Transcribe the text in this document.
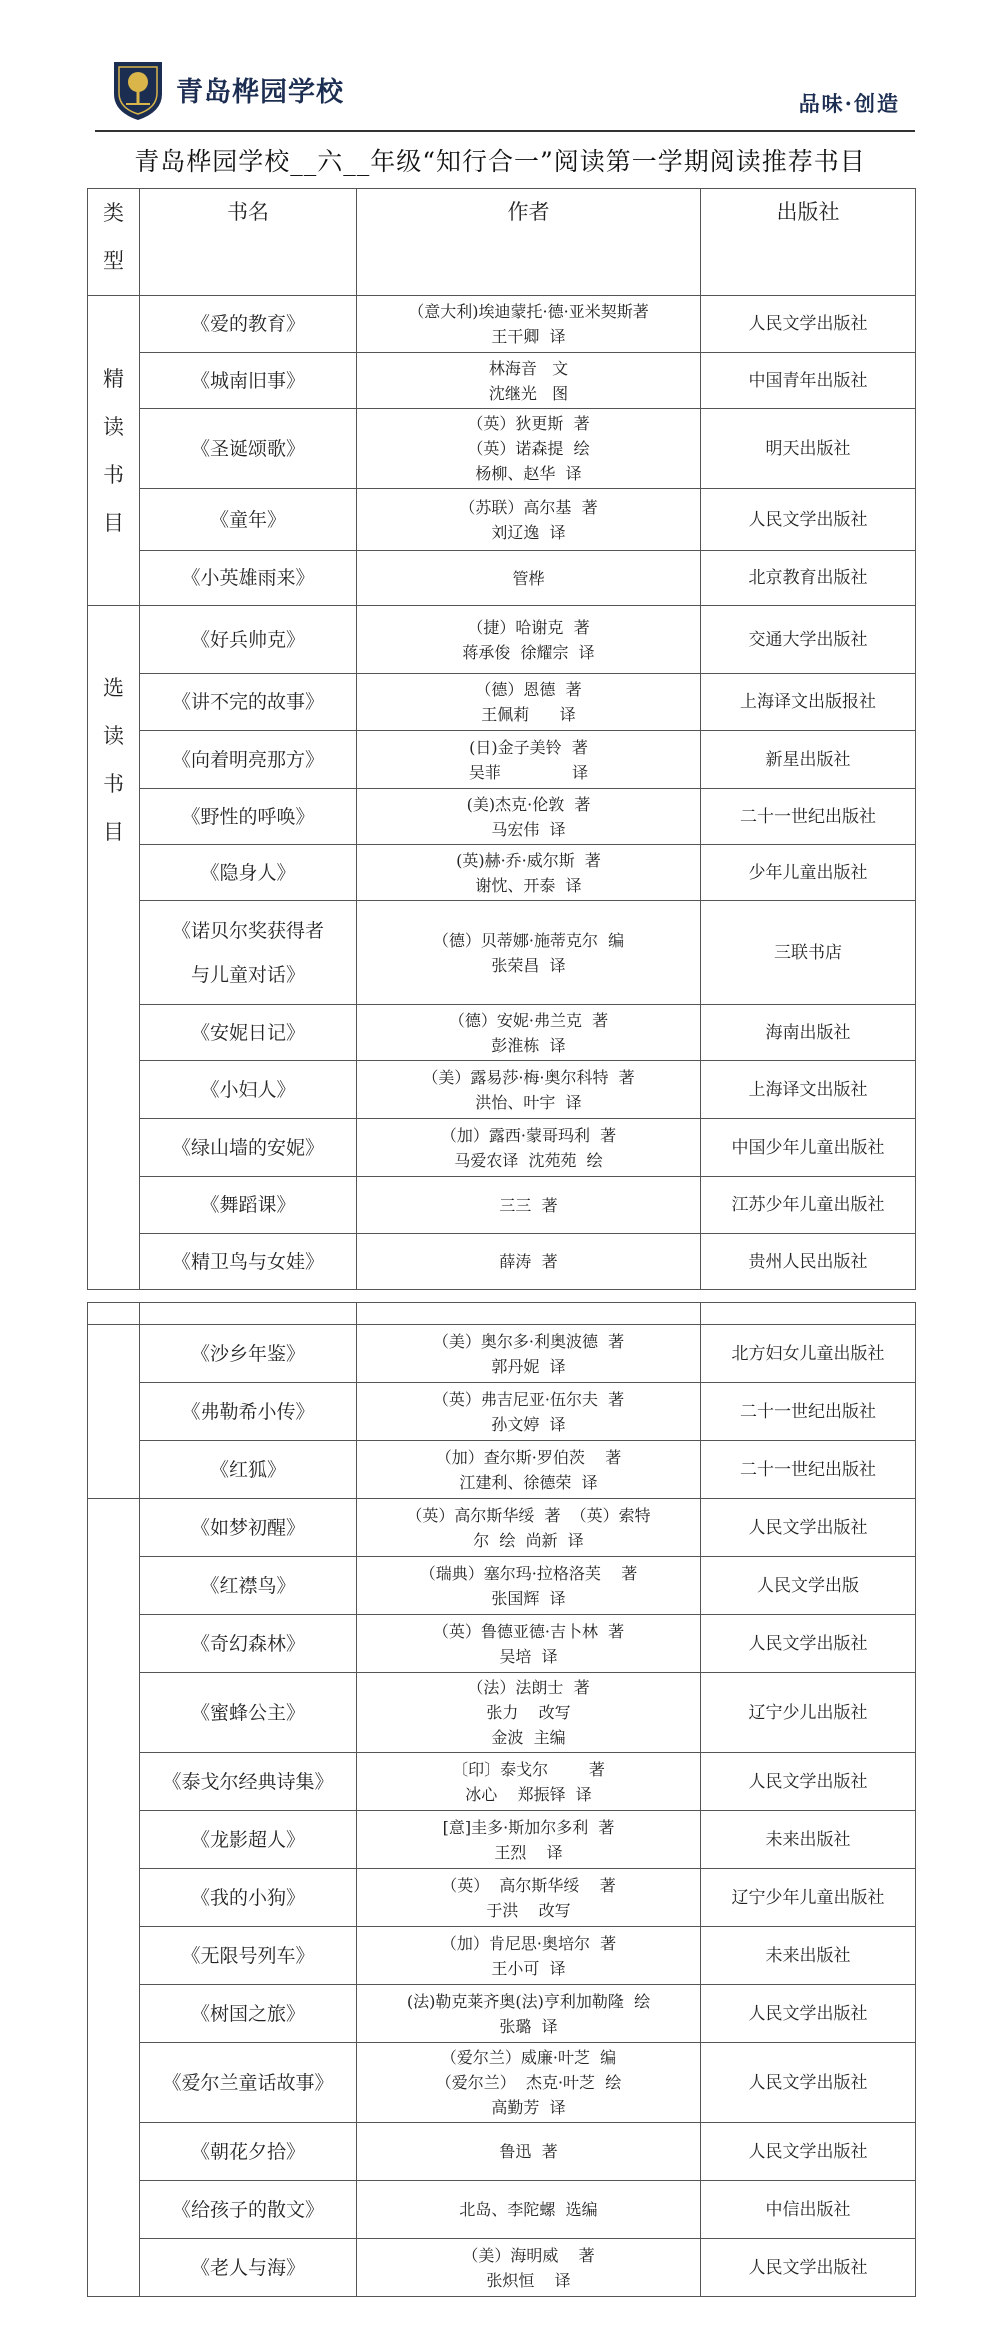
青岛桦园学校	品味·创造
青岛桦园学校__六__年级“知行合一”阅读第一学期阅读推荐书目
类
型	书名	作者	出版社

精
读
书
目	《爱的教育》	（意大利)埃迪蒙托·德·亚米契斯著
王干卿  译	人民文学出版社
	《城南旧事》	林海音   文
沈继光   图	中国青年出版社
	《圣诞颂歌》	（英）狄更斯  著
（英）诺森提  绘
杨柳、赵华  译	明天出版社
	《童年》	（苏联）高尔基  著
刘辽逸  译	人民文学出版社
	《小英雄雨来》	管桦	北京教育出版社

选
读
书
目	《好兵帅克》	（捷）哈谢克  著
蒋承俊  徐耀宗  译	交通大学出版社
	《讲不完的故事》	（德）恩德  著
王佩莉      译	上海译文出版报社
	《向着明亮那方》	(日)金子美铃  著
吴菲              译	新星出版社
	《野性的呼唤》	(美)杰克·伦敦  著
马宏伟  译	二十一世纪出版社
	《隐身人》	(英)赫·乔·威尔斯  著
谢忱、开泰  译	少年儿童出版社

	《诺贝尔奖获得者
与儿童对话》	（德）贝蒂娜·施蒂克尔  编
张荣昌  译	三联书店
	《安妮日记》	（德）安妮·弗兰克  著
彭淮栋  译	海南出版社
	《小妇人》	（美）露易莎·梅·奥尔科特  著
洪怡、叶宇  译	上海译文出版社
	《绿山墙的安妮》	（加）露西·蒙哥玛利  著
马爱农译  沈苑苑  绘	中国少年儿童出版社
	《舞蹈课》	三三  著	江苏少年儿童出版社
	《精卫鸟与女娃》	薛涛  著	贵州人民出版社

	《沙乡年鉴》	（美）奥尔多·利奥波德  著
郭丹妮  译	北方妇女儿童出版社
	《弗勒希小传》	（英）弗吉尼亚·伍尔夫  著
孙文婷  译	二十一世纪出版社
	《红狐》	（加）查尔斯·罗伯茨    著
江建利、徐德荣  译	二十一世纪出版社
	《如梦初醒》	（英）高尔斯华绥  著  （英）索特
尔  绘  尚新  译	人民文学出版社
	《红襟鸟》	（瑞典）塞尔玛·拉格洛芙    著
张国辉  译	人民文学出版
	《奇幻森林》	（英）鲁德亚德·吉卜林  著
吴培  译	人民文学出版社
	《蜜蜂公主》	（法）法朗士  著
张力    改写
金波  主编	辽宁少儿出版社
	《泰戈尔经典诗集》	〔印〕泰戈尔        著
冰心    郑振铎  译	人民文学出版社
	《龙影超人》	[意]圭多·斯加尔多利  著
王烈    译	未来出版社
	《我的小狗》	（英）  高尔斯华绥    著
于洪    改写	辽宁少年儿童出版社
	《无限号列车》	（加）肯尼思·奥培尔  著
王小可  译	未来出版社
	《树国之旅》	(法)勒克莱齐奥(法)亨利加勒隆  绘
张璐  译	人民文学出版社
	《爱尔兰童话故事》	（爱尔兰）威廉·叶芝  编
（爱尔兰）  杰克·叶芝  绘
高勤芳  译	人民文学出版社
	《朝花夕拾》	鲁迅  著	人民文学出版社
	《给孩子的散文》	北岛、李陀螺  选编	中信出版社
	《老人与海》	（美）海明威    著
张炽恒    译	人民文学出版社
